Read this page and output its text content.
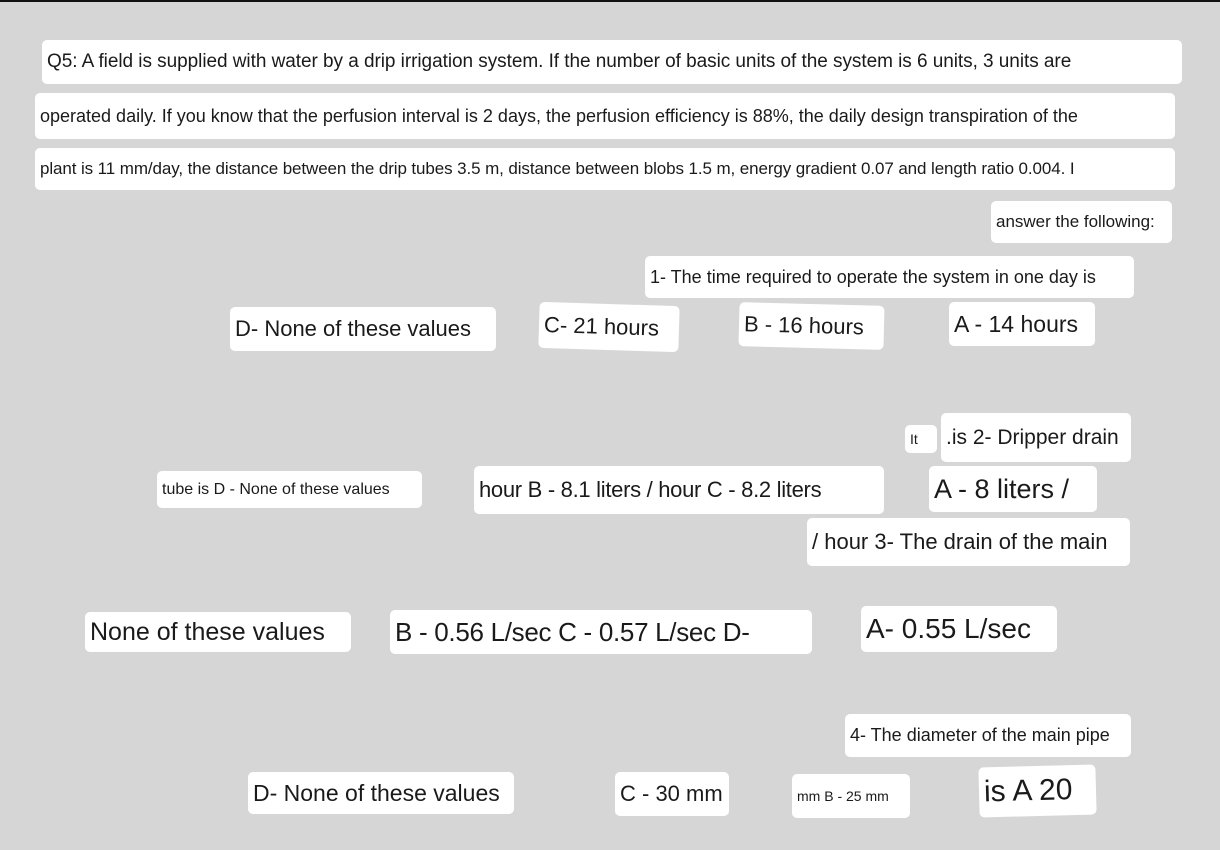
Q5: A field is supplied with water by a drip irrigation system. If the number of basic units of the system is 6 units, 3 units are
operated daily. If you know that the perfusion interval is 2 days, the perfusion efficiency is 88%, the daily design transpiration of the
plant is 11 mm/day, the distance between the drip tubes 3.5 m, distance between blobs 1.5 m, energy gradient 0.07 and length ratio 0.004. I
answer the following:
1- The time required to operate the system in one day is
A - 14 hours
B - 16 hours
C- 21 hours
D- None of these values
It	.is 2- Dripper drain
A - 8 liters /
hour B - 8.1 liters / hour C - 8.2 liters
tube is D - None of these values
/ hour 3- The drain of the main
A- 0.55 L/sec
B - 0.56 L/sec C - 0.57 L/sec D-
None of these values
4- The diameter of the main pipe
is A 20
mm B - 25 mm
C - 30 mm
D- None of these values
